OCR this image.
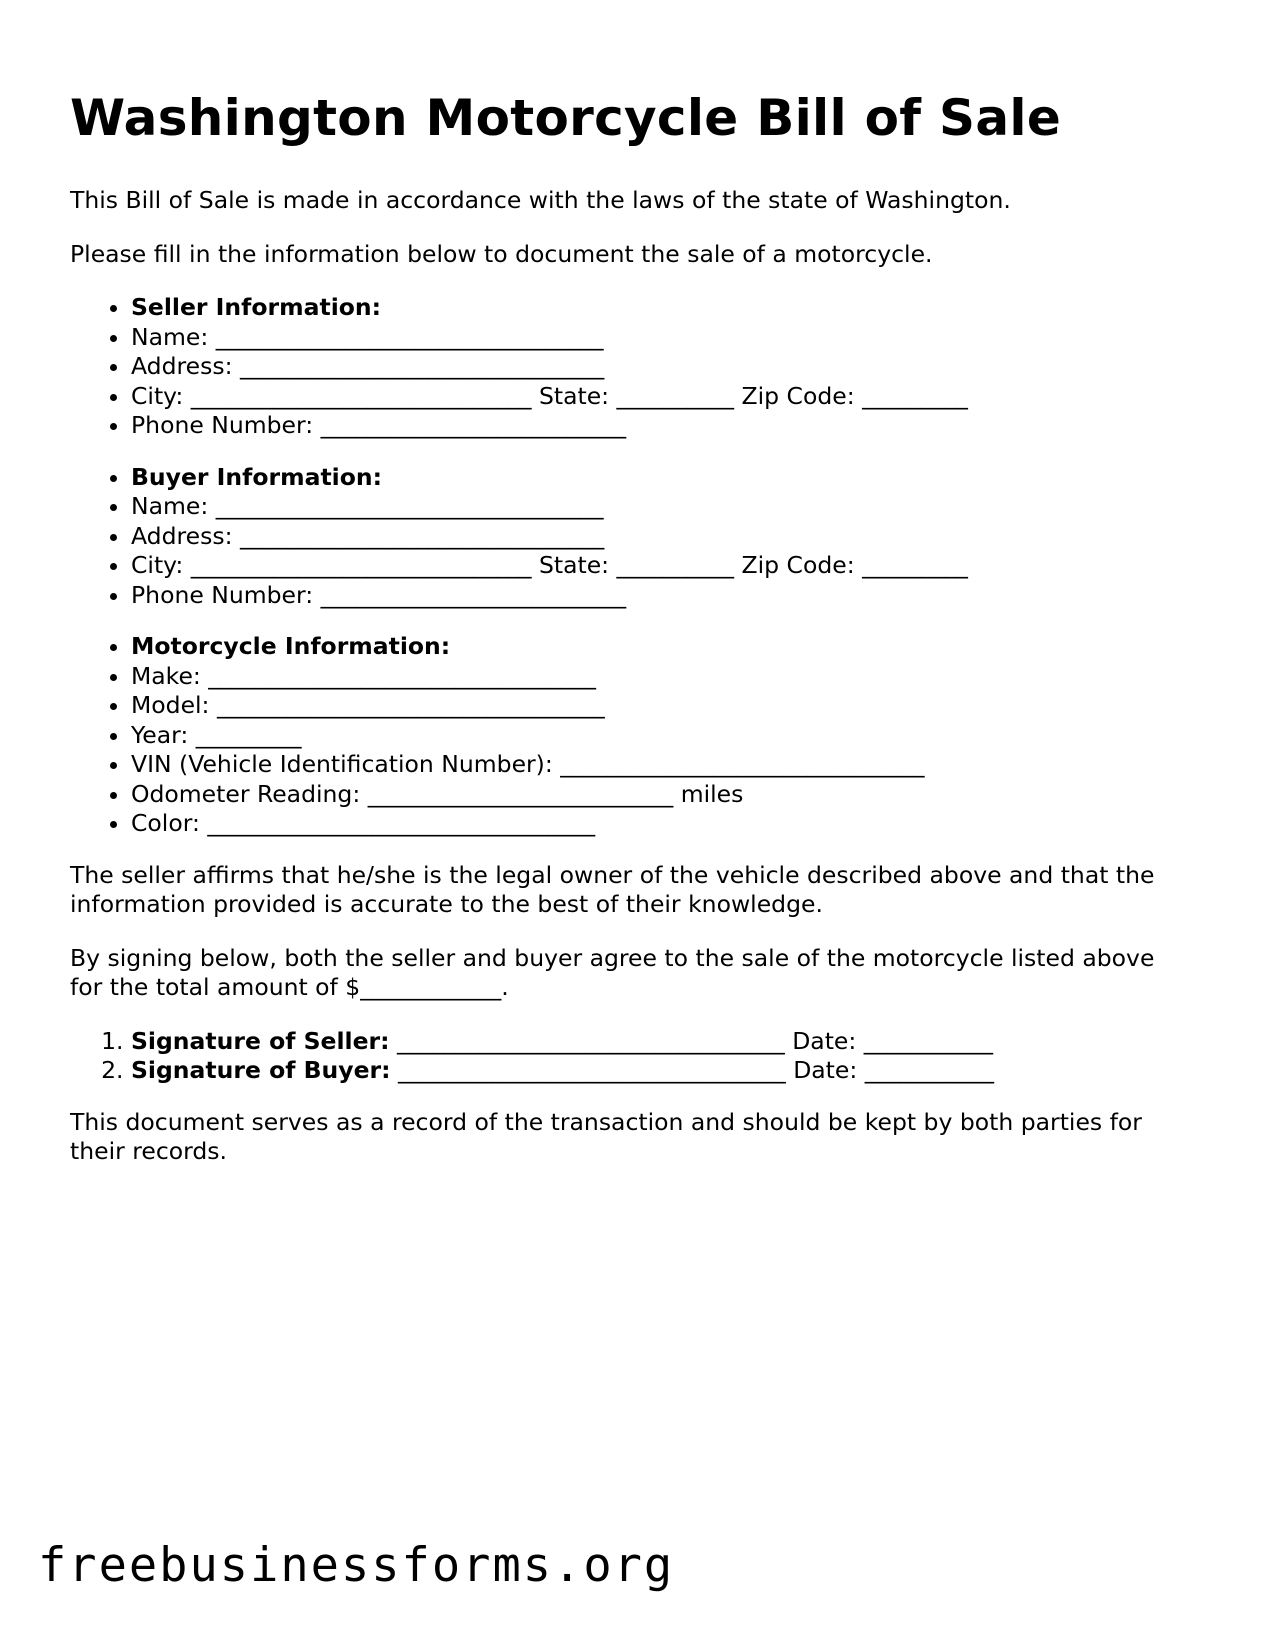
Washington Motorcycle Bill of Sale

This Bill of Sale is made in accordance with the laws of the state of Washington.

Please fill in the information below to document the sale of a motorcycle.

• Seller Information:
• Name: _________________________________
• Address: _______________________________
• City: _____________________________ State: __________ Zip Code: _________
• Phone Number: __________________________
• Buyer Information:
• Name: _________________________________
• Address: _______________________________
• City: _____________________________ State: __________ Zip Code: _________
• Phone Number: __________________________
• Motorcycle Information:
• Make: _________________________________
• Model: _________________________________
• Year: _________
• VIN (Vehicle Identification Number): _______________________________
• Odometer Reading: __________________________ miles
• Color: _________________________________

The seller affirms that he/she is the legal owner of the vehicle described above and that the information provided is accurate to the best of their knowledge.

By signing below, both the seller and buyer agree to the sale of the motorcycle listed above for the total amount of $____________.

1. Signature of Seller: _________________________________ Date: ___________
2. Signature of Buyer: _________________________________ Date: ___________

This document serves as a record of the transaction and should be kept by both parties for their records.

freebusinessforms.org
